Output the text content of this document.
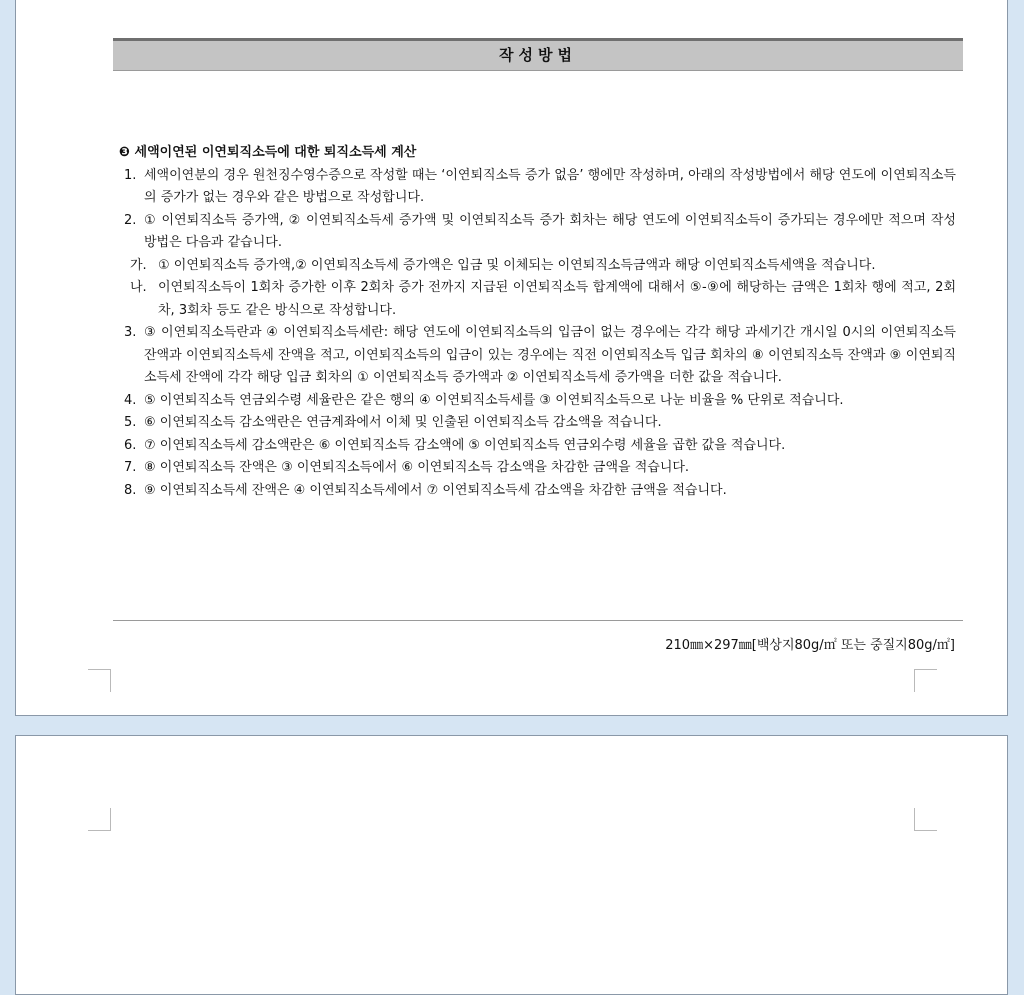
작성방법
❸ 세액이연된 이연퇴직소득에 대한 퇴직소득세 계산
1. 세액이연분의 경우 원천징수영수증으로 작성할 때는 ‘이연퇴직소득 증가 없음’ 행에만 작성하며, 아래의 작성방법에서 해당 연도에 이연퇴직소득의 증가가 없는 경우와 같은 방법으로 작성합니다.
2. ① 이연퇴직소득 증가액, ② 이연퇴직소득세 증가액 및 이연퇴직소득 증가 회차는 해당 연도에 이연퇴직소득이 증가되는 경우에만 적으며 작성 방법은 다음과 같습니다.
가. ① 이연퇴직소득 증가액,② 이연퇴직소득세 증가액은 입금 및 이체되는 이연퇴직소득금액과 해당 이연퇴직소득세액을 적습니다.
나. 이연퇴직소득이 1회차 증가한 이후 2회차 증가 전까지 지급된 이연퇴직소득 합계액에 대해서 ⑤-⑨에 해당하는 금액은 1회차 행에 적고, 2회차, 3회차 등도 같은 방식으로 작성합니다.
3. ③ 이연퇴직소득란과 ④ 이연퇴직소득세란: 해당 연도에 이연퇴직소득의 입금이 없는 경우에는 각각 해당 과세기간 개시일 0시의 이연퇴직소득 잔액과 이연퇴직소득세 잔액을 적고, 이연퇴직소득의 입금이 있는 경우에는 직전 이연퇴직소득 입금 회차의 ⑧ 이연퇴직소득 잔액과 ⑨ 이연퇴직소득세 잔액에 각각 해당 입금 회차의 ① 이연퇴직소득 증가액과 ② 이연퇴직소득세 증가액을 더한 값을 적습니다.
4. ⑤ 이연퇴직소득 연금외수령 세율란은 같은 행의 ④ 이연퇴직소득세를 ③ 이연퇴직소득으로 나눈 비율을 % 단위로 적습니다.
5. ⑥ 이연퇴직소득 감소액란은 연금계좌에서 이체 및 인출된 이연퇴직소득 감소액을 적습니다.
6. ⑦ 이연퇴직소득세 감소액란은 ⑥ 이연퇴직소득 감소액에 ⑤ 이연퇴직소득 연금외수령 세율을 곱한 값을 적습니다.
7. ⑧ 이연퇴직소득 잔액은 ③ 이연퇴직소득에서 ⑥ 이연퇴직소득 감소액을 차감한 금액을 적습니다.
8. ⑨ 이연퇴직소득세 잔액은 ④ 이연퇴직소득세에서 ⑦ 이연퇴직소득세 감소액을 차감한 금액을 적습니다.
210㎜×297㎜[백상지80g/㎡ 또는 중질지80g/㎡]
